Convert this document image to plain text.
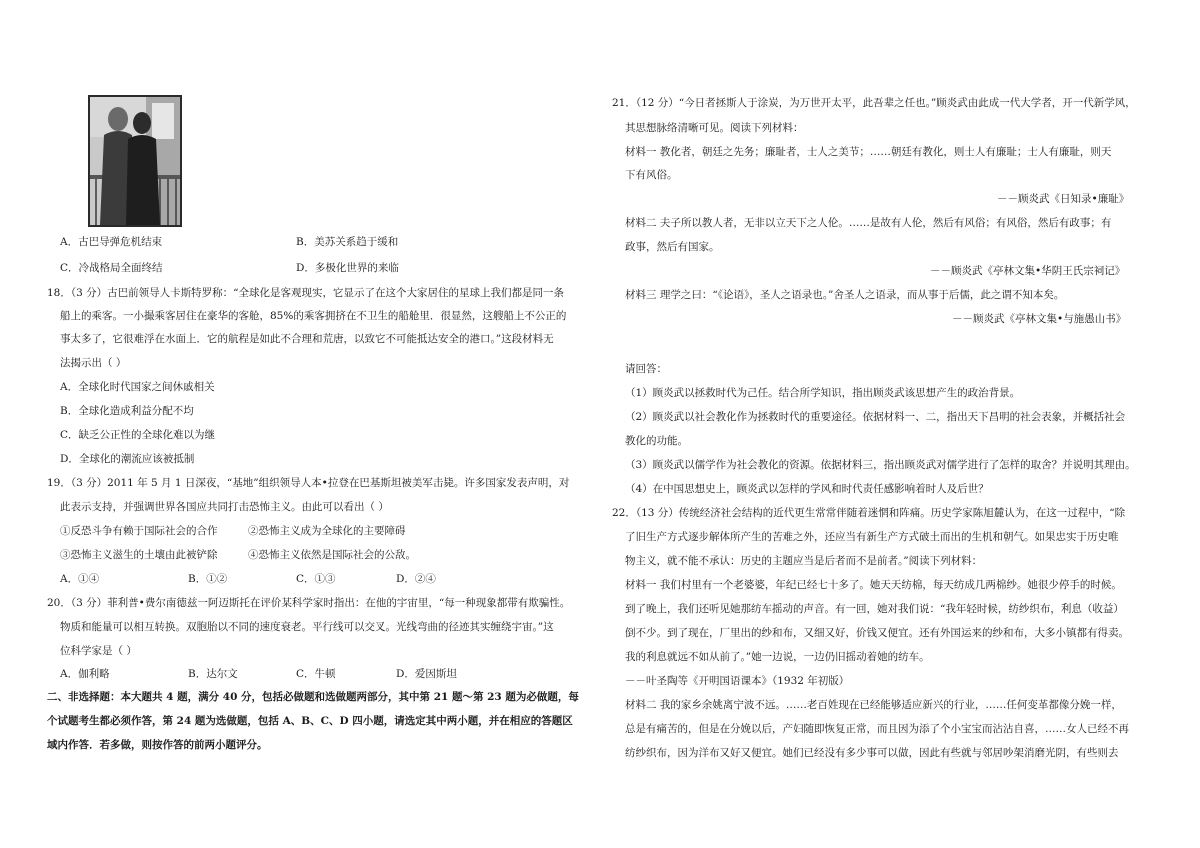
A．古巴导弹危机结束	B．美苏关系趋于缓和
C．冷战格局全面终结	D．多极化世界的来临
18．（3 分）古巴前领导人卡斯特罗称：“全球化是客观现实，它显示了在这个大家居住的星球上我们都是同一条
船上的乘客。一小撮乘客居住在豪华的客舱，85%的乘客拥挤在不卫生的船舱里．很显然，这艘船上不公正的
事太多了，它很难浮在水面上．它的航程是如此不合理和荒唐，以致它不可能抵达安全的港口。”这段材料无
法揭示出（ ）
A．全球化时代国家之间休戚相关
B．全球化造成利益分配不均
C．缺乏公正性的全球化难以为继
D．全球化的潮流应该被抵制
19．（3 分）2011 年 5 月 1 日深夜，“基地”组织领导人本•拉登在巴基斯坦被美军击毙。许多国家发表声明，对
此表示支持，并强调世界各国应共同打击恐怖主义。由此可以看出（ ）
①反恐斗争有赖于国际社会的合作	②恐怖主义成为全球化的主要障碍
③恐怖主义滋生的土壤由此被铲除	④恐怖主义依然是国际社会的公敌。
A．①④	B．①②	C．①③	D．②④
20．（3 分）菲利普•费尔南德兹一阿迈斯托在评价某科学家时指出：在他的宇宙里，“每一种现象都带有欺骗性。
物质和能量可以相互转换。双胞胎以不同的速度衰老。平行线可以交叉。光线弯曲的径迹其实缠绕宇宙。”这
位科学家是（ ）
A．伽利略	B．达尔文	C．牛顿	D．爱因斯坦
二、非选择题：本大题共 4 题，满分 40 分，包括必做题和选做题两部分，其中第 21 题～第 23 题为必做题，每
个试题考生都必须作答，第 24 题为选做题，包括 A、B、C、D 四小题，请选定其中两小题，并在相应的答题区
域内作答．若多做，则按作答的前两小题评分。
21．（12 分）“今日者拯斯人于涂炭，为万世开太平，此吾辈之任也。”顾炎武由此成一代大学者，开一代新学风，
其思想脉络清晰可见。阅读下列材料：
材料一 教化者，朝廷之先务；廉耻者，士人之美节；……朝廷有教化，则士人有廉耻；士人有廉耻，则天
下有风俗。
－－顾炎武《日知录•廉耻》
材料二 夫子所以教人者，无非以立天下之人伦。……是故有人伦，然后有风俗；有风俗，然后有政事；有
政事，然后有国家。
－－顾炎武《亭林文集•华阴王氏宗祠记》
材料三 理学之曰：“《论语》，圣人之语录也。”舍圣人之语录，而从事于后儒，此之谓不知本矣。
－－顾炎武《亭林文集•与施愚山书》
请回答：
（1）顾炎武以拯救时代为己任。结合所学知识，指出顾炎武该思想产生的政治背景。
（2）顾炎武以社会教化作为拯救时代的重要途径。依据材料一、二，指出天下昌明的社会表象，并概括社会
教化的功能。
（3）顾炎武以儒学作为社会教化的资源。依据材料三，指出顾炎武对儒学进行了怎样的取舍？并说明其理由。
（4）在中国思想史上，顾炎武以怎样的学风和时代责任感影响着时人及后世？
22．（13 分）传统经济社会结构的近代更生常常伴随着迷惘和阵痛。历史学家陈旭麓认为，在这一过程中，“除
了旧生产方式逐步解体所产生的苦难之外，还应当有新生产方式破土而出的生机和朝气。如果忠实于历史唯
物主义，就不能不承认：历史的主题应当是后者而不是前者。”阅读下列材料：
材料一 我们村里有一个老婆婆，年纪已经七十多了。她天天纺棉，每天纺成几两棉纱。她很少停手的时候。
到了晚上，我们还听见她那纺车摇动的声音。有一回，她对我们说：“我年轻时候，纺纱织布，利息（收益）
倒不少。到了现在，厂里出的纱和布，又细又好，价钱又便宜。还有外国运来的纱和布，大多小镇都有得卖。
我的利息就远不如从前了。”她一边说，一边仍旧摇动着她的纺车。
－－叶圣陶等《开明国语课本》（1932 年初版）
材料二 我的家乡余姚离宁波不远。……老百姓现在已经能够适应新兴的行业，……任何变革都像分娩一样，
总是有痛苦的，但是在分娩以后，产妇随即恢复正常，而且因为添了个小宝宝而沾沾自喜，……女人已经不再
纺纱织布，因为洋布又好又便宜。她们已经没有多少事可以做，因此有些就与邻居吵架消磨光阴，有些则去
